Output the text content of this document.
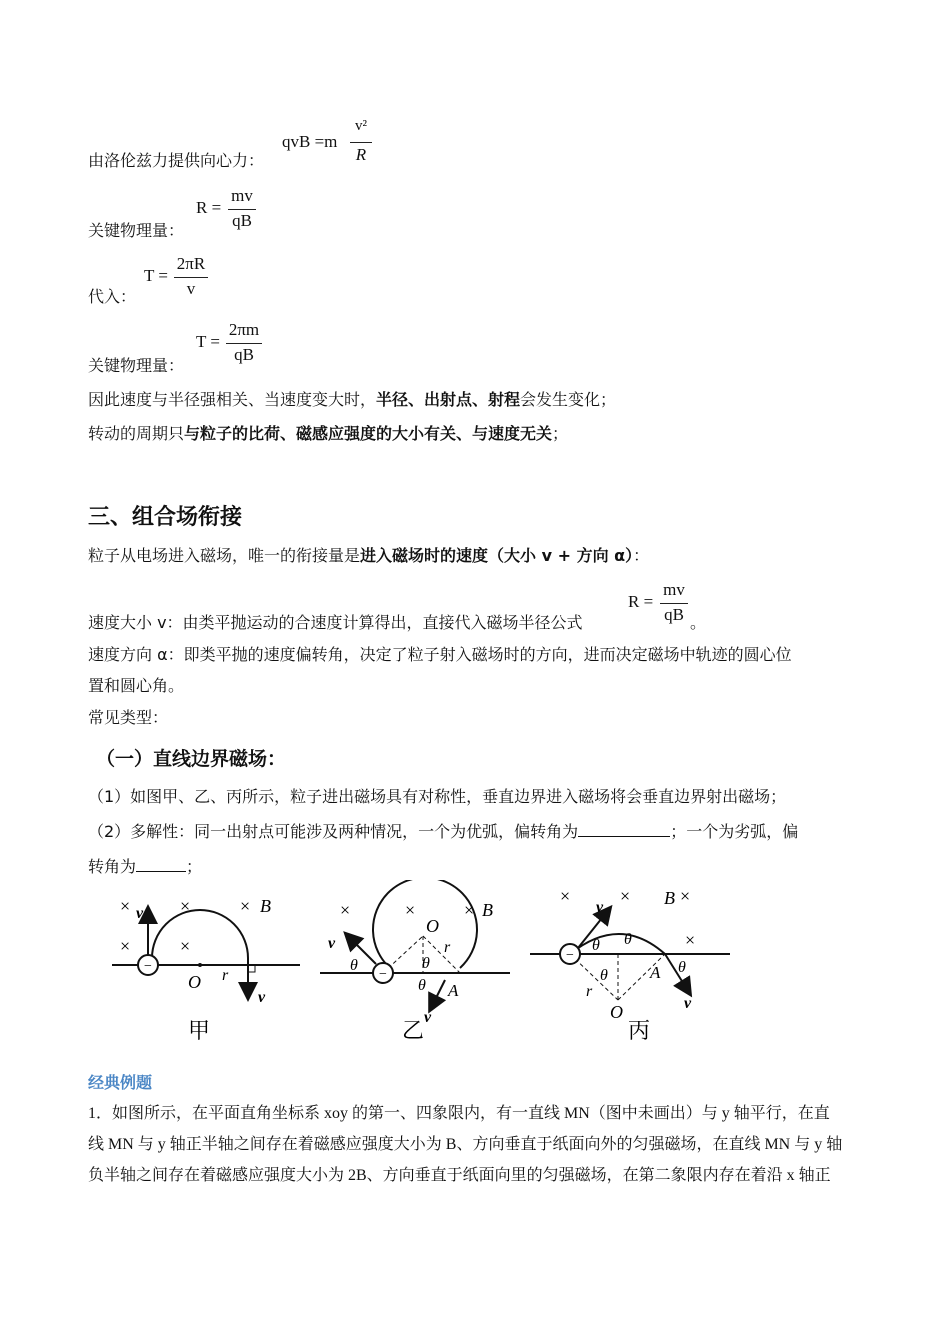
由洛伦兹力提供向心力：
qvB =m
v²
R
关键物理量：
R =
mv
qB
代入：
T =
2πR
v
关键物理量：
T =
2πm
qB
因此速度与半径强相关、当速度变大时，半径、出射点、射程会发生变化；
转动的周期只与粒子的比荷、磁感应强度的大小有关、与速度无关；
三、组合场衔接
粒子从电场进入磁场，唯一的衔接量是进入磁场时的速度（大小 v + 方向 α）：
速度大小 v：由类平抛运动的合速度计算得出，直接代入磁场半径公式
R =
mv
qB 。
速度方向 α：即类平抛的速度偏转角，决定了粒子射入磁场时的方向，进而决定磁场中轨迹的圆心位
置和圆心角。
常见类型：
（一）直线边界磁场：
（1）如图甲、乙、丙所示，粒子进出磁场具有对称性，垂直边界进入磁场将会垂直边界射出磁场；
（2）多解性：同一出射点可能涉及两种情况，一个为优弧，偏转角为	；一个为劣弧，偏
转角为	；
−
×
×
×
×
×
v	B
O r
v
甲
−
×	×	× B
O
r
v
θ	θ
θ A
v
乙
−
×	×	×
×
B
v
θ θ
θ	θ
A
r
O	v
丙
经典例题
1．如图所示，在平面直角坐标系 xoy 的第一、四象限内，有一直线 MN（图中未画出）与 y 轴平行，在直
线 MN 与 y 轴正半轴之间存在着磁感应强度大小为 B、方向垂直于纸面向外的匀强磁场，在直线 MN 与 y 轴
负半轴之间存在着磁感应强度大小为 2B、方向垂直于纸面向里的匀强磁场，在第二象限内存在着沿 x 轴正
